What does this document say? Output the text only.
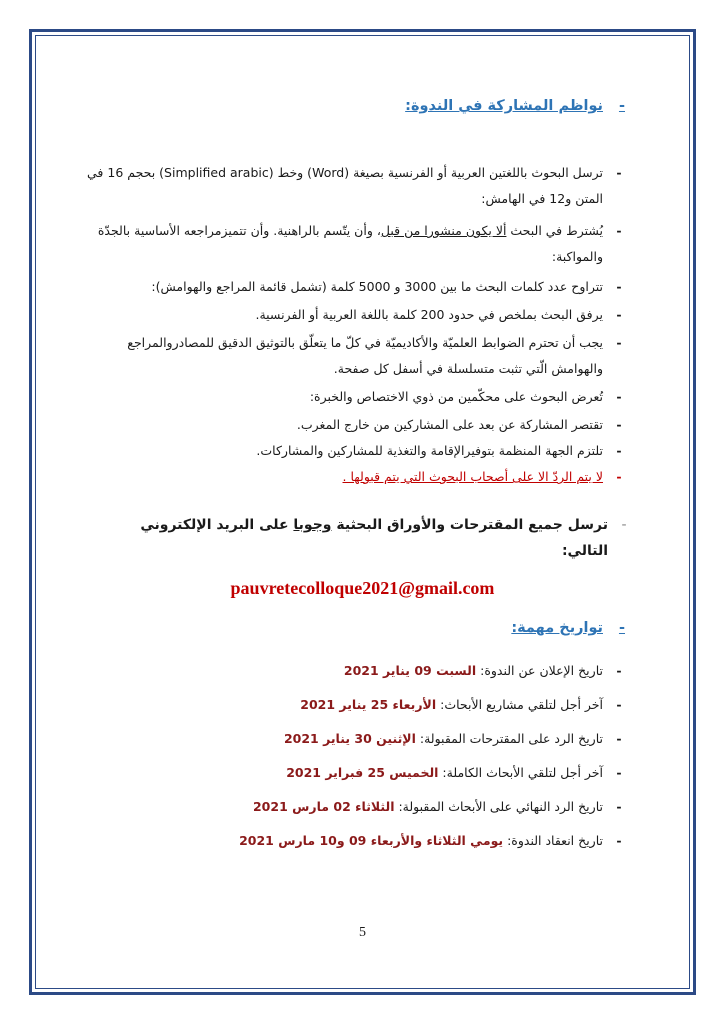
-
نواظم المشاركة في الندوة:
-
ترسل البحوث باللغتين العربية أو الفرنسية بصيغة (Word) وخط (Simplified arabic) بحجم 16 في المتن و12 في الهامش:
-
يُشترط في البحث ألا يكون منشورا من قبل، وأن يتّسم بالراهنية. وأن تتميزمراجعه الأساسية بالجدّة والمواكبة:
-
تتراوح عدد كلمات البحث ما بين 3000 و 5000 كلمة (تشمل قائمة المراجع والهوامش):
-
يرفق البحث بملخص في حدود 200 كلمة باللغة العربية أو الفرنسية.
-
يجب أن تحترم الضوابط العلميّة والأكاديميّة في كلّ ما يتعلّق بالتوثيق الدقيق للمصادروالمراجع والهوامش الّتي تثبت متسلسلة في أسفل كل صفحة.
-
تُعرض البحوث على محكّمين من ذوي الاختصاص والخبرة:
-
تقتصر المشاركة عن بعد على المشاركين من خارج المغرب.
-
تلتزم الجهة المنظمة بتوفيرالإقامة والتغذية للمشاركين والمشاركات.
-
لا يتم الردّ الا على أصحاب البحوث التي يتم قبولها .
-
ترسل جميع المقترحات والأوراق البحثية وجوبا على البريد الإلكتروني التالي:
pauvretecolloque2021@gmail.com
-
تواريخ مهمة:
-
تاريخ الإعلان عن الندوة: السبت 09 يناير 2021
-
آخر أجل لتلقي مشاريع الأبحاث: الأربعاء 25 يناير 2021
-
تاريخ الرد على المقترحات المقبولة: الإثنين 30 يناير 2021
-
آخر أجل لتلقي الأبحاث الكاملة: الخميس 25 فبراير 2021
-
تاريخ الرد النهائي على الأبحاث المقبولة: الثلاثاء 02 مارس 2021
-
تاريخ انعقاد الندوة: يومي الثلاثاء والأربعاء 09 و10 مارس 2021
5
